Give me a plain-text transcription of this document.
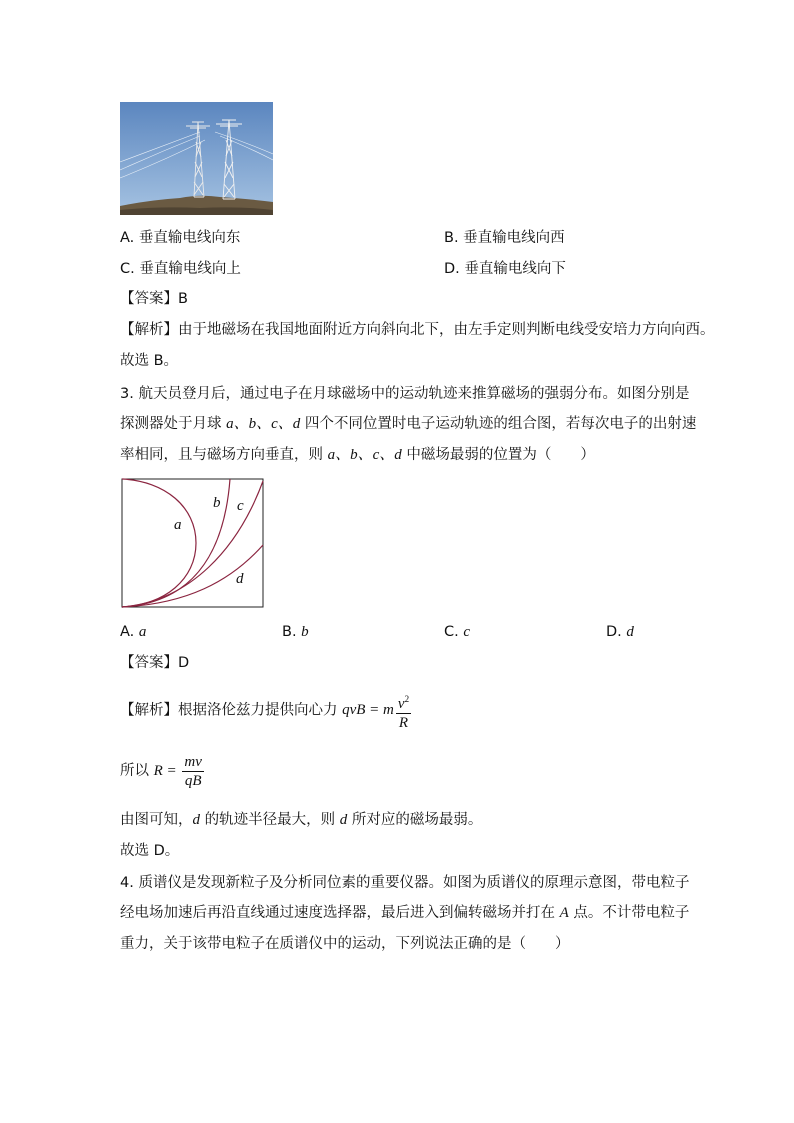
A. 垂直输电线向东	B. 垂直输电线向西
C. 垂直输电线向上	D. 垂直输电线向下
【答案】B
【解析】由于地磁场在我国地面附近方向斜向北下，由左手定则判断电线受安培力方向向西。
故选 B。
3. 航天员登月后，通过电子在月球磁场中的运动轨迹来推算磁场的强弱分布。如图分别是
探测器处于月球 a、b、c、d 四个不同位置时电子运动轨迹的组合图，若每次电子的出射速
率相同，且与磁场方向垂直，则 a、b、c、d 中磁场最弱的位置为（　　）
a
b c
d
A. a	B. b	C. c	D. d
【答案】D
【解析】根据洛伦兹力提供向心力 qvB = m $\frac{v^2}{R}$
所以 $R = \frac{mv}{qB}$
由图可知，d 的轨迹半径最大，则 d 所对应的磁场最弱。
故选 D。
4. 质谱仪是发现新粒子及分析同位素的重要仪器。如图为质谱仪的原理示意图，带电粒子
经电场加速后再沿直线通过速度选择器，最后进入到偏转磁场并打在 A 点。不计带电粒子
重力，关于该带电粒子在质谱仪中的运动，下列说法正确的是（　　）
